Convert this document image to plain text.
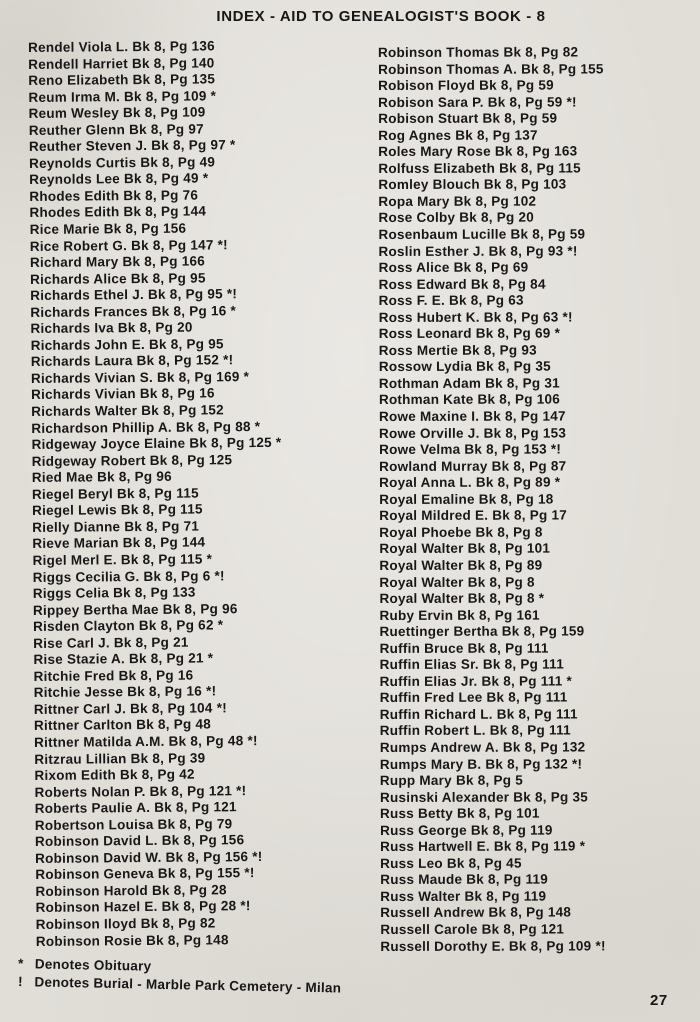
INDEX - AID TO GENEALOGIST'S BOOK - 8
Rendel Viola L. Bk 8, Pg 136
Rendell Harriet Bk 8, Pg 140
Reno Elizabeth Bk 8, Pg 135
Reum Irma M. Bk 8, Pg 109 *
Reum Wesley Bk 8, Pg 109
Reuther Glenn Bk 8, Pg 97
Reuther Steven J. Bk 8, Pg 97 *
Reynolds Curtis Bk 8, Pg 49
Reynolds Lee Bk 8, Pg 49 *
Rhodes Edith Bk 8, Pg 76
Rhodes Edith Bk 8, Pg 144
Rice Marie Bk 8, Pg 156
Rice Robert G. Bk 8, Pg 147 *!
Richard Mary Bk 8, Pg 166
Richards Alice Bk 8, Pg 95
Richards Ethel J. Bk 8, Pg 95 *!
Richards Frances Bk 8, Pg 16 *
Richards Iva Bk 8, Pg 20
Richards John E. Bk 8, Pg 95
Richards Laura Bk 8, Pg 152 *!
Richards Vivian S. Bk 8, Pg 169 *
Richards Vivian Bk 8, Pg 16
Richards Walter Bk 8, Pg 152
Richardson Phillip A. Bk 8, Pg 88 *
Ridgeway Joyce Elaine Bk 8, Pg 125 *
Ridgeway Robert Bk 8, Pg 125
Ried Mae Bk 8, Pg 96
Riegel Beryl Bk 8, Pg 115
Riegel Lewis Bk 8, Pg 115
Rielly Dianne Bk 8, Pg 71
Rieve Marian Bk 8, Pg 144
Rigel Merl E. Bk 8, Pg 115 *
Riggs Cecilia G. Bk 8, Pg 6 *!
Riggs Celia Bk 8, Pg 133
Rippey Bertha Mae Bk 8, Pg 96
Risden Clayton Bk 8, Pg 62 *
Rise Carl J. Bk 8, Pg 21
Rise Stazie A. Bk 8, Pg 21 *
Ritchie Fred Bk 8, Pg 16
Ritchie Jesse Bk 8, Pg 16 *!
Rittner Carl J. Bk 8, Pg 104 *!
Rittner Carlton Bk 8, Pg 48
Rittner Matilda A.M. Bk 8, Pg 48 *!
Ritzrau Lillian Bk 8, Pg 39
Rixom Edith Bk 8, Pg 42
Roberts Nolan P. Bk 8, Pg 121 *!
Roberts Paulie A. Bk 8, Pg 121
Robertson Louisa Bk 8, Pg 79
Robinson David L. Bk 8, Pg 156
Robinson David W. Bk 8, Pg 156 *!
Robinson Geneva Bk 8, Pg 155 *!
Robinson Harold Bk 8, Pg 28
Robinson Hazel E. Bk 8, Pg 28 *!
Robinson Iloyd Bk 8, Pg 82
Robinson Rosie Bk 8, Pg 148
Robinson Thomas Bk 8, Pg 82
Robinson Thomas A. Bk 8, Pg 155
Robison Floyd Bk 8, Pg 59
Robison Sara P. Bk 8, Pg 59 *!
Robison Stuart Bk 8, Pg 59
Rog Agnes Bk 8, Pg 137
Roles Mary Rose Bk 8, Pg 163
Rolfuss Elizabeth Bk 8, Pg 115
Romley Blouch Bk 8, Pg 103
Ropa Mary Bk 8, Pg 102
Rose Colby Bk 8, Pg 20
Rosenbaum Lucille Bk 8, Pg 59
Roslin Esther J. Bk 8, Pg 93 *!
Ross Alice Bk 8, Pg 69
Ross Edward Bk 8, Pg 84
Ross F. E. Bk 8, Pg 63
Ross Hubert K. Bk 8, Pg 63 *!
Ross Leonard Bk 8, Pg 69 *
Ross Mertie Bk 8, Pg 93
Rossow Lydia Bk 8, Pg 35
Rothman Adam Bk 8, Pg 31
Rothman Kate Bk 8, Pg 106
Rowe Maxine I. Bk 8, Pg 147
Rowe Orville J. Bk 8, Pg 153
Rowe Velma Bk 8, Pg 153 *!
Rowland Murray Bk 8, Pg 87
Royal Anna L. Bk 8, Pg 89 *
Royal Emaline Bk 8, Pg 18
Royal Mildred E. Bk 8, Pg 17
Royal Phoebe Bk 8, Pg 8
Royal Walter Bk 8, Pg 101
Royal Walter Bk 8, Pg 89
Royal Walter Bk 8, Pg 8
Royal Walter Bk 8, Pg 8 *
Ruby Ervin Bk 8, Pg 161
Ruettinger Bertha Bk 8, Pg 159
Ruffin Bruce Bk 8, Pg 111
Ruffin Elias Sr. Bk 8, Pg 111
Ruffin Elias Jr. Bk 8, Pg 111 *
Ruffin Fred Lee Bk 8, Pg 111
Ruffin Richard L. Bk 8, Pg 111
Ruffin Robert L. Bk 8, Pg 111
Rumps Andrew A. Bk 8, Pg 132
Rumps Mary B. Bk 8, Pg 132 *!
Rupp Mary Bk 8, Pg 5
Rusinski Alexander Bk 8, Pg 35
Russ Betty Bk 8, Pg 101
Russ George Bk 8, Pg 119
Russ Hartwell E. Bk 8, Pg 119 *
Russ Leo Bk 8, Pg 45
Russ Maude Bk 8, Pg 119
Russ Walter Bk 8, Pg 119
Russell Andrew Bk 8, Pg 148
Russell Carole Bk 8, Pg 121
Russell Dorothy E. Bk 8, Pg 109 *!
* Denotes Obituary
! Denotes Burial - Marble Park Cemetery - Milan
27
